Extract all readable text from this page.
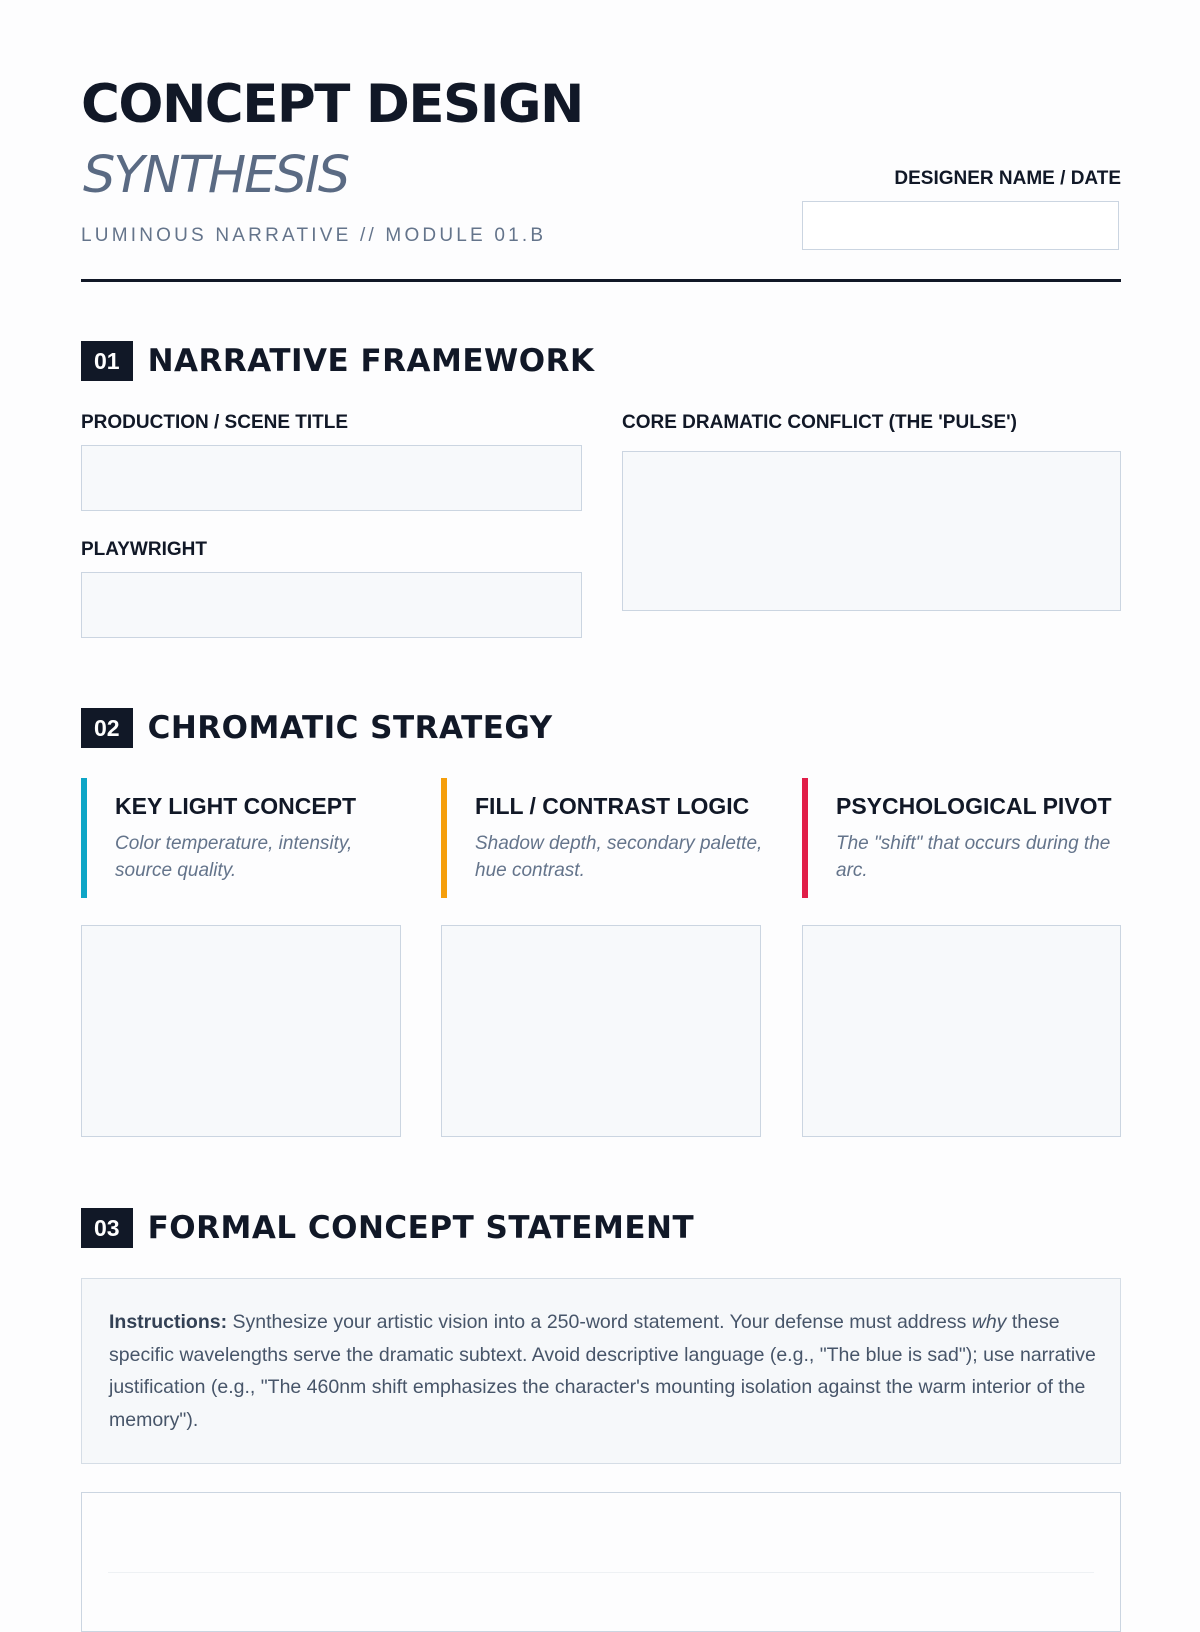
CONCEPT DESIGN
SYNTHESIS
LUMINOUS NARRATIVE // MODULE 01.B
DESIGNER NAME / DATE
01 NARRATIVE FRAMEWORK
PRODUCTION / SCENE TITLE
PLAYWRIGHT
CORE DRAMATIC CONFLICT (THE 'PULSE')
02 CHROMATIC STRATEGY
KEY LIGHT CONCEPT
Color temperature, intensity, source quality.
FILL / CONTRAST LOGIC
Shadow depth, secondary palette, hue contrast.
PSYCHOLOGICAL PIVOT
The "shift" that occurs during the arc.
03 FORMAL CONCEPT STATEMENT
Instructions: Synthesize your artistic vision into a 250-word statement. Your defense must address why these specific wavelengths serve the dramatic subtext. Avoid descriptive language (e.g., "The blue is sad"); use narrative justification (e.g., "The 460nm shift emphasizes the character's mounting isolation against the warm interior of the memory").
